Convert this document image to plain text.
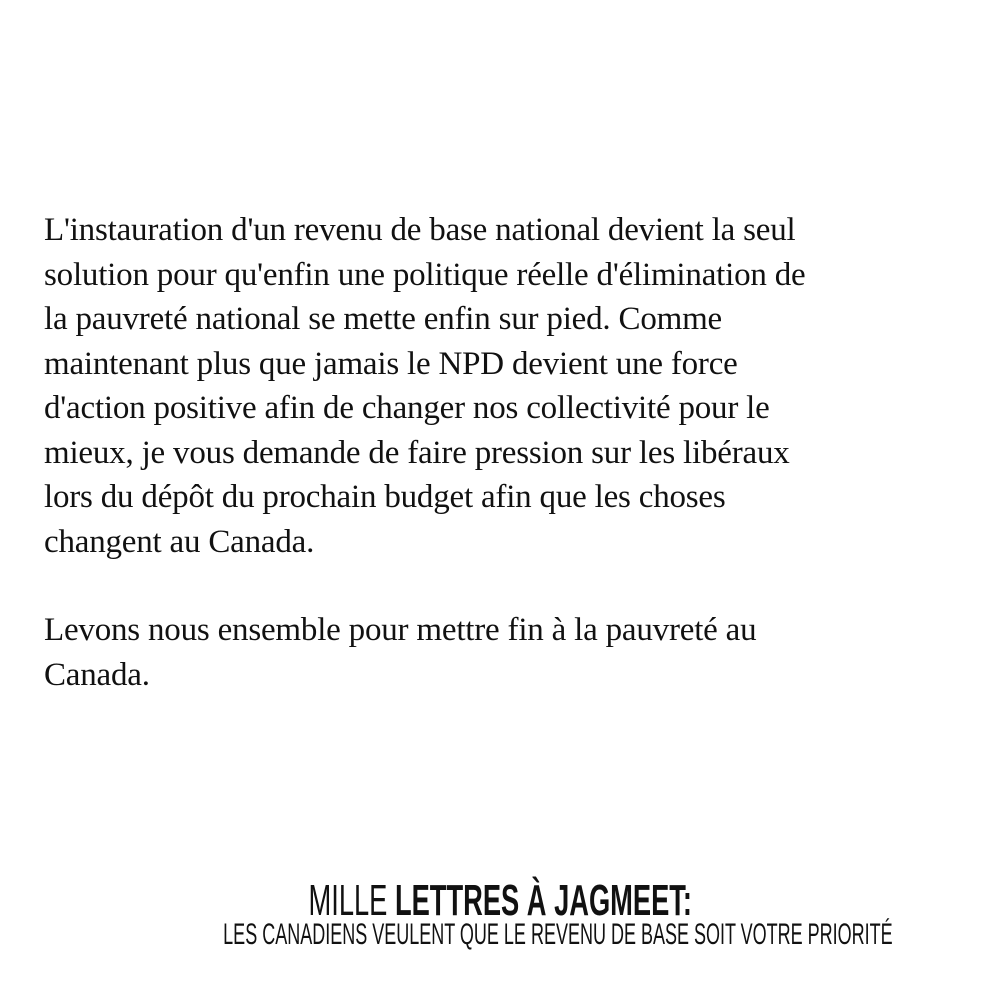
L'instauration d'un revenu de base national devient la seul
solution pour qu'enfin une politique réelle d'élimination de
la pauvreté national se mette enfin sur pied. Comme
maintenant plus que jamais le NPD devient une force
d'action positive afin de changer nos collectivité pour le
mieux, je vous demande de faire pression sur les libéraux
lors du dépôt du prochain budget afin que les choses
changent au Canada.

Levons nous ensemble pour mettre fin à la pauvreté au
Canada.

MILLE LETTRES À JAGMEET:
LES CANADIENS VEULENT QUE LE REVENU DE BASE SOIT VOTRE PRIORITÉ
